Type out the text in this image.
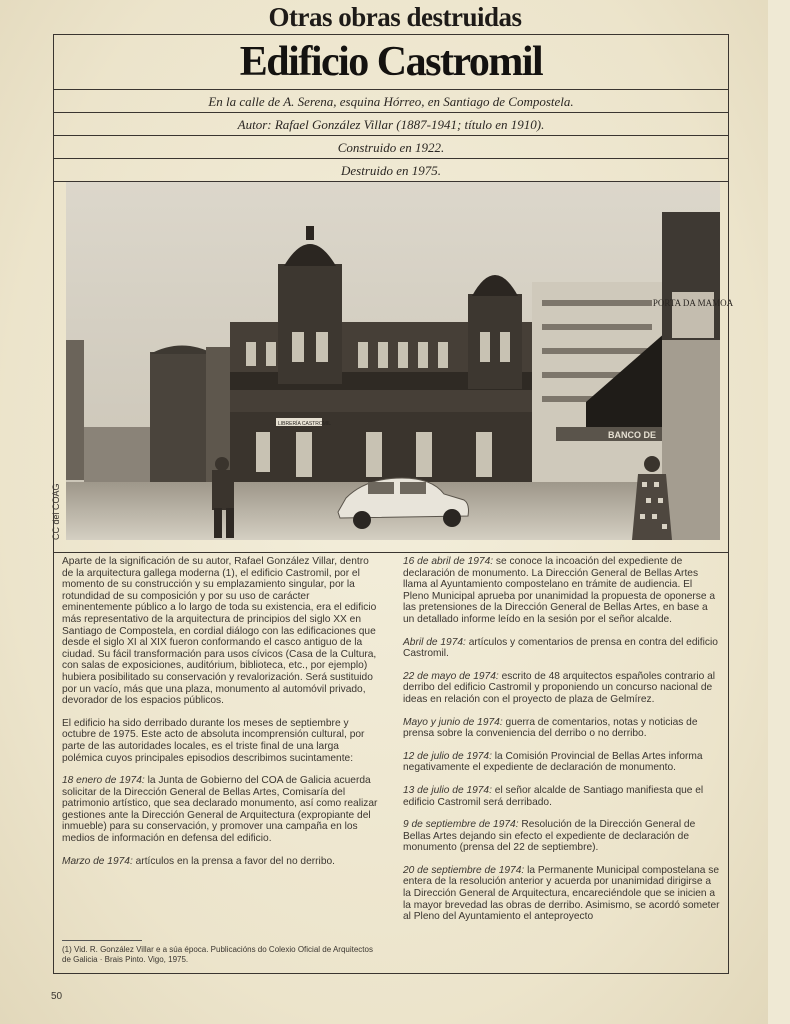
Otras obras destruidas
Edificio Castromil
En la calle de A. Serena, esquina Hórreo, en Santiago de Compostela.
Autor: Rafael González Villar (1887-1941; título en 1910).
Construido en 1922.
Destruido en 1975.
BANCO DE
LIBRERÍA CASTROMIL
PORTA DA MAMOA
CC del COAG

Aparte de la significación de su autor, Rafael González Villar, dentro de la arquitectura gallega moderna (1), el edificio Castromil, por el momento de su construcción y su emplazamiento singular, por la rotundidad de su composición y por su uso de carácter eminentemente público a lo largo de toda su existencia, era el edificio más representativo de la arquitectura de principios del siglo XX en Santiago de Compostela, en cordial diálogo con las edificaciones que desde el siglo XI al XIX fueron conformando el casco antiguo de la ciudad. Su fácil transformación para usos cívicos (Casa de la Cultura, con salas de exposiciones, auditórium, biblioteca, etc., por ejemplo) hubiera posibilitado su conservación y revalorización. Será sustituido por un vacío, más que una plaza, monumento al automóvil privado, devorador de los espacios públicos.

El edificio ha sido derribado durante los meses de septiembre y octubre de 1975. Este acto de absoluta incomprensión cultural, por parte de las autoridades locales, es el triste final de una larga polémica cuyos principales episodios describimos sucintamente:

18 enero de 1974: la Junta de Gobierno del COA de Galicia acuerda solicitar de la Dirección General de Bellas Artes, Comisaría del patrimonio artístico, que sea declarado monumento, así como realizar gestiones ante la Dirección General de Arquitectura (expropiante del inmueble) para su conservación, y promover una campaña en los medios de información en defensa del edificio.

Marzo de 1974: artículos en la prensa a favor del no derribo.

(1) Vid. R. González Villar e a súa época. Publicacións do Colexio Oficial de Arquitectos de Galicia · Brais Pinto. Vigo, 1975.

16 de abril de 1974: se conoce la incoación del expediente de declaración de monumento. La Dirección General de Bellas Artes llama al Ayuntamiento compostelano en trámite de audiencia. El Pleno Municipal aprueba por unanimidad la propuesta de oponerse a las pretensiones de la Dirección General de Bellas Artes, en base a un detallado informe leído en la sesión por el señor alcalde.

Abril de 1974: artículos y comentarios de prensa en contra del edificio Castromil.

22 de mayo de 1974: escrito de 48 arquitectos españoles contrario al derribo del edificio Castromil y proponiendo un concurso nacional de ideas en relación con el proyecto de plaza de Gelmírez.

Mayo y junio de 1974: guerra de comentarios, notas y noticias de prensa sobre la conveniencia del derribo o no derribo.

12 de julio de 1974: la Comisión Provincial de Bellas Artes informa negativamente el expediente de declaración de monumento.

13 de julio de 1974: el señor alcalde de Santiago manifiesta que el edificio Castromil será derribado.

9 de septiembre de 1974: Resolución de la Dirección General de Bellas Artes dejando sin efecto el expediente de declaración de monumento (prensa del 22 de septiembre).

20 de septiembre de 1974: la Permanente Municipal compostelana se entera de la resolución anterior y acuerda por unanimidad dirigirse a la Dirección General de Arquitectura, encareciéndole que se inicien a la mayor brevedad las obras de derribo. Asimismo, se acordó someter al Pleno del Ayuntamiento el anteproyecto

50
